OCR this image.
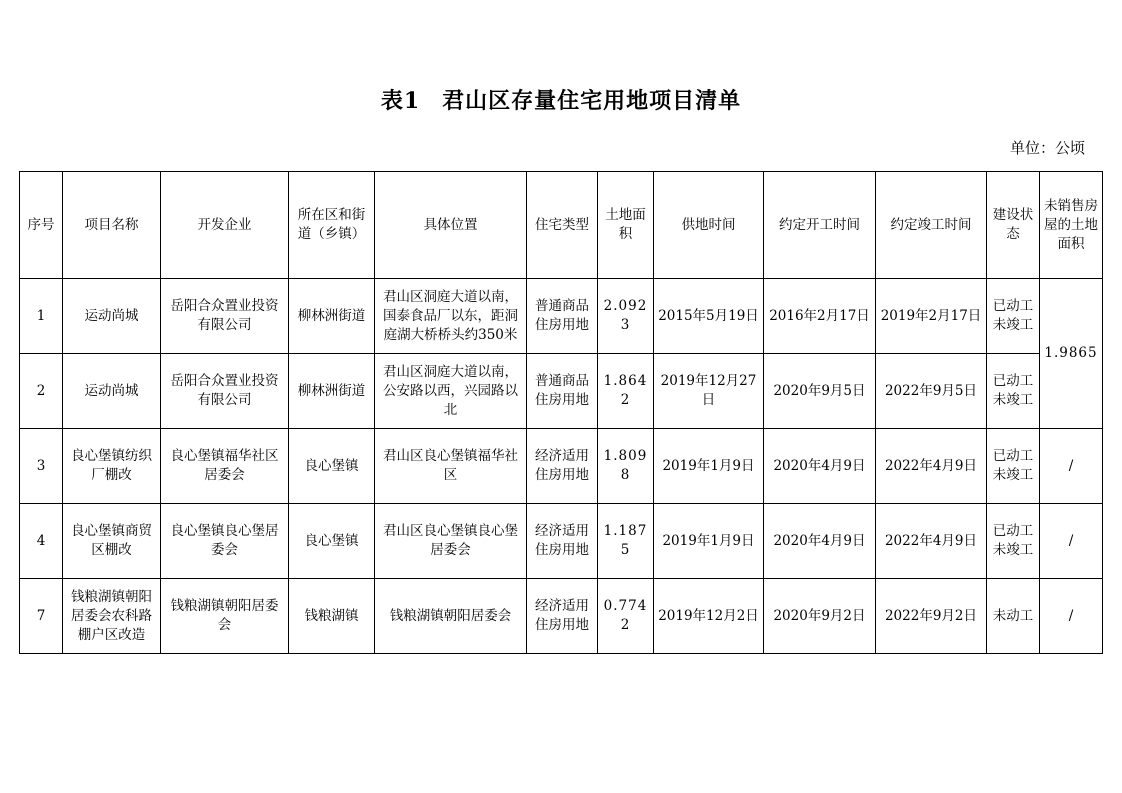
表1 君山区存量住宅用地项目清单
单位：公顷
序号	项目名称	开发企业	所在区和街道（乡镇）	具体位置	住宅类型	土地面积	供地时间	约定开工时间	约定竣工时间	建设状态	未销售房屋的土地面积
1	运动尚城	岳阳合众置业投资有限公司	柳林洲街道	君山区洞庭大道以南，国泰食品厂以东，距洞庭湖大桥桥头约350米	普通商品住房用地	2.0923	2015年5月19日	2016年2月17日	2019年2月17日	已动工未竣工	1.9865
2	运动尚城	岳阳合众置业投资有限公司	柳林洲街道	君山区洞庭大道以南，公安路以西，兴园路以北	普通商品住房用地	1.8642	2019年12月27日	2020年9月5日	2022年9月5日	已动工未竣工	
3	良心堡镇纺织厂棚改	良心堡镇福华社区居委会	良心堡镇	君山区良心堡镇福华社区	经济适用住房用地	1.8098	2019年1月9日	2020年4月9日	2022年4月9日	已动工未竣工	/
4	良心堡镇商贸区棚改	良心堡镇良心堡居委会	良心堡镇	君山区良心堡镇良心堡居委会	经济适用住房用地	1.1875	2019年1月9日	2020年4月9日	2022年4月9日	已动工未竣工	/
7	钱粮湖镇朝阳居委会农科路棚户区改造	钱粮湖镇朝阳居委会	钱粮湖镇	钱粮湖镇朝阳居委会	经济适用住房用地	0.7742	2019年12月2日	2020年9月2日	2022年9月2日	未动工	/
